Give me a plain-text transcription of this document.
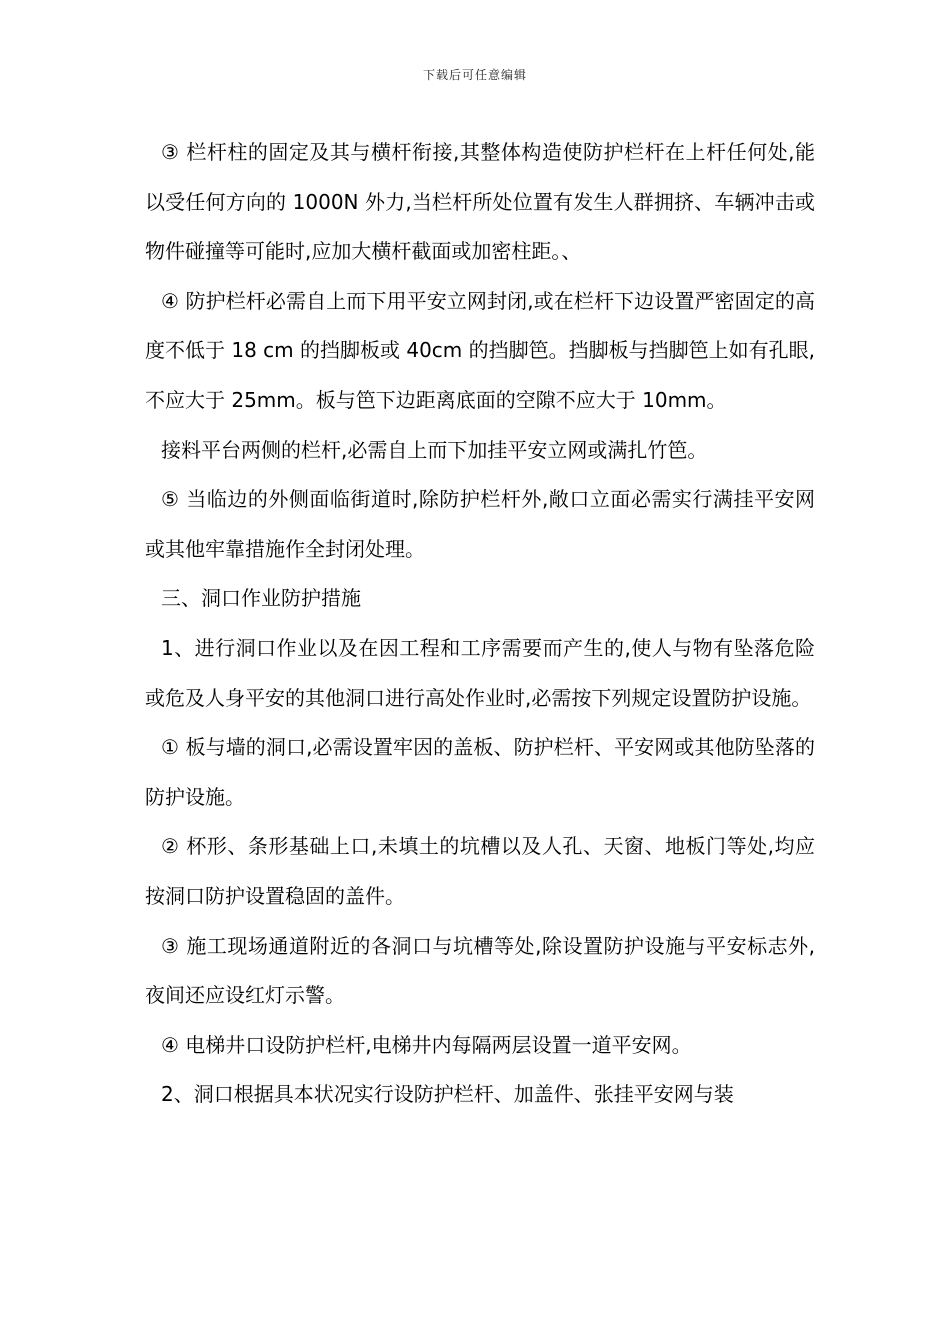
下载后可任意编辑

③ 栏杆柱的固定及其与横杆衔接,其整体构造使防护栏杆在上杆任何处,能以受任何方向的 1000N 外力,当栏杆所处位置有发生人群拥挤、车辆冲击或物件碰撞等可能时,应加大横杆截面或加密柱距。、

④ 防护栏杆必需自上而下用平安立网封闭,或在栏杆下边设置严密固定的高度不低于 18 cm 的挡脚板或 40cm 的挡脚笆。挡脚板与挡脚笆上如有孔眼,不应大于 25mm。板与笆下边距离底面的空隙不应大于 10mm。

接料平台两侧的栏杆,必需自上而下加挂平安立网或满扎竹笆。

⑤ 当临边的外侧面临街道时,除防护栏杆外,敞口立面必需实行满挂平安网或其他牢靠措施作全封闭处理。

三、洞口作业防护措施

1、进行洞口作业以及在因工程和工序需要而产生的,使人与物有坠落危险或危及人身平安的其他洞口进行高处作业时,必需按下列规定设置防护设施。

① 板与墙的洞口,必需设置牢因的盖板、防护栏杆、平安网或其他防坠落的防护设施。

② 杯形、条形基础上口,未填土的坑槽以及人孔、天窗、地板门等处,均应按洞口防护设置稳固的盖件。

③ 施工现场通道附近的各洞口与坑槽等处,除设置防护设施与平安标志外,夜间还应设红灯示警。

④ 电梯井口设防护栏杆,电梯井内每隔两层设置一道平安网。

2、洞口根据具本状况实行设防护栏杆、加盖件、张挂平安网与装
